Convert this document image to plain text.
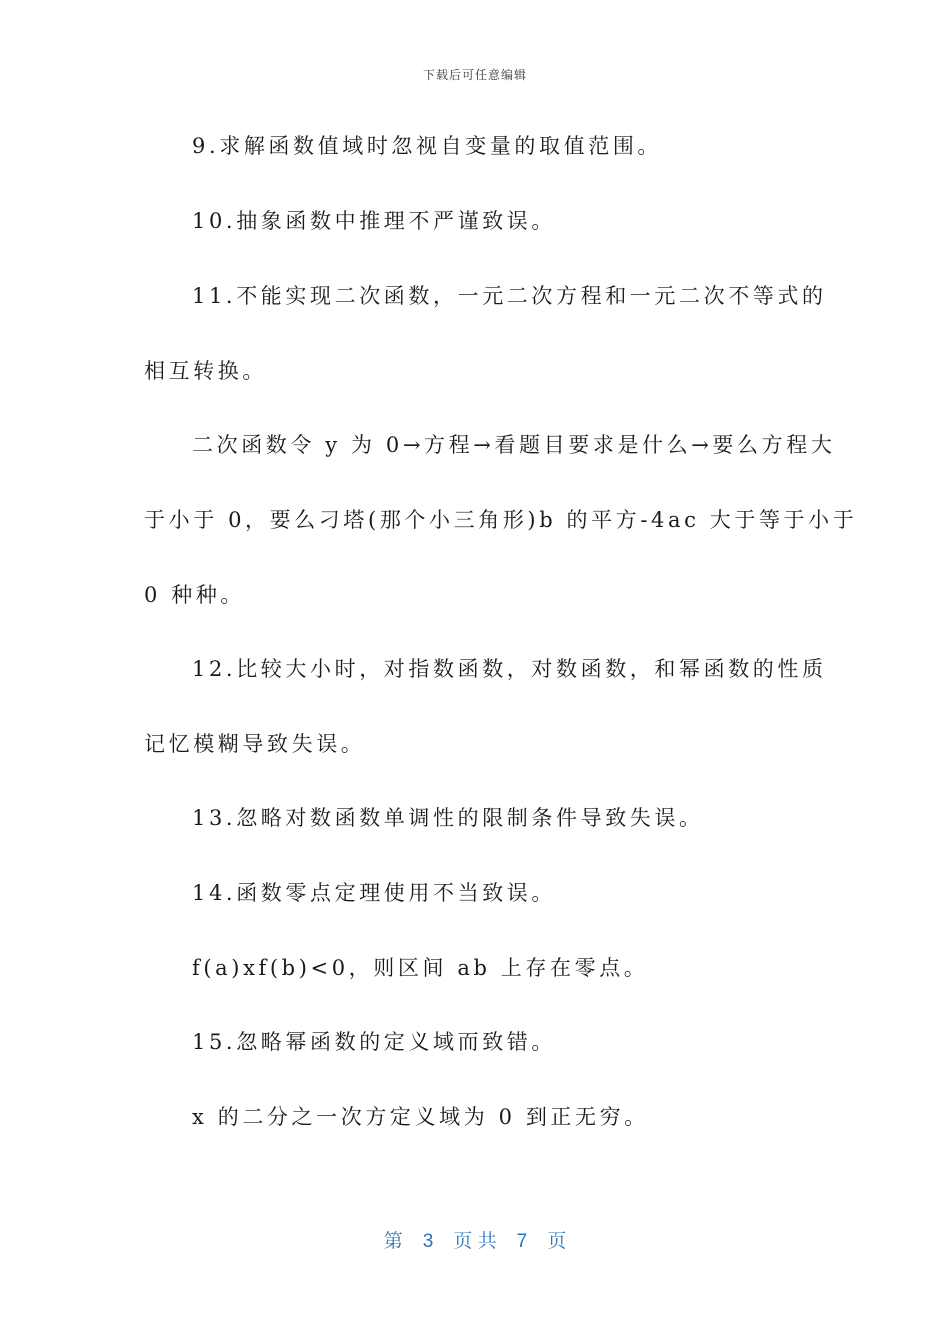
下载后可任意编辑
9.求解函数值域时忽视自变量的取值范围。
10.抽象函数中推理不严谨致误。
11.不能实现二次函数，一元二次方程和一元二次不等式的
相互转换。
二次函数令 y 为 0→方程→看题目要求是什么→要么方程大
于小于 0，要么刁塔(那个小三角形)b 的平方-4ac 大于等于小于
0 种种。
12.比较大小时，对指数函数，对数函数，和幂函数的性质
记忆模糊导致失误。
13.忽略对数函数单调性的限制条件导致失误。
14.函数零点定理使用不当致误。
f(a)xf(b)<0，则区间 ab 上存在零点。
15.忽略幂函数的定义域而致错。
x 的二分之一次方定义域为 0 到正无穷。
第 3 页 共 7 页
